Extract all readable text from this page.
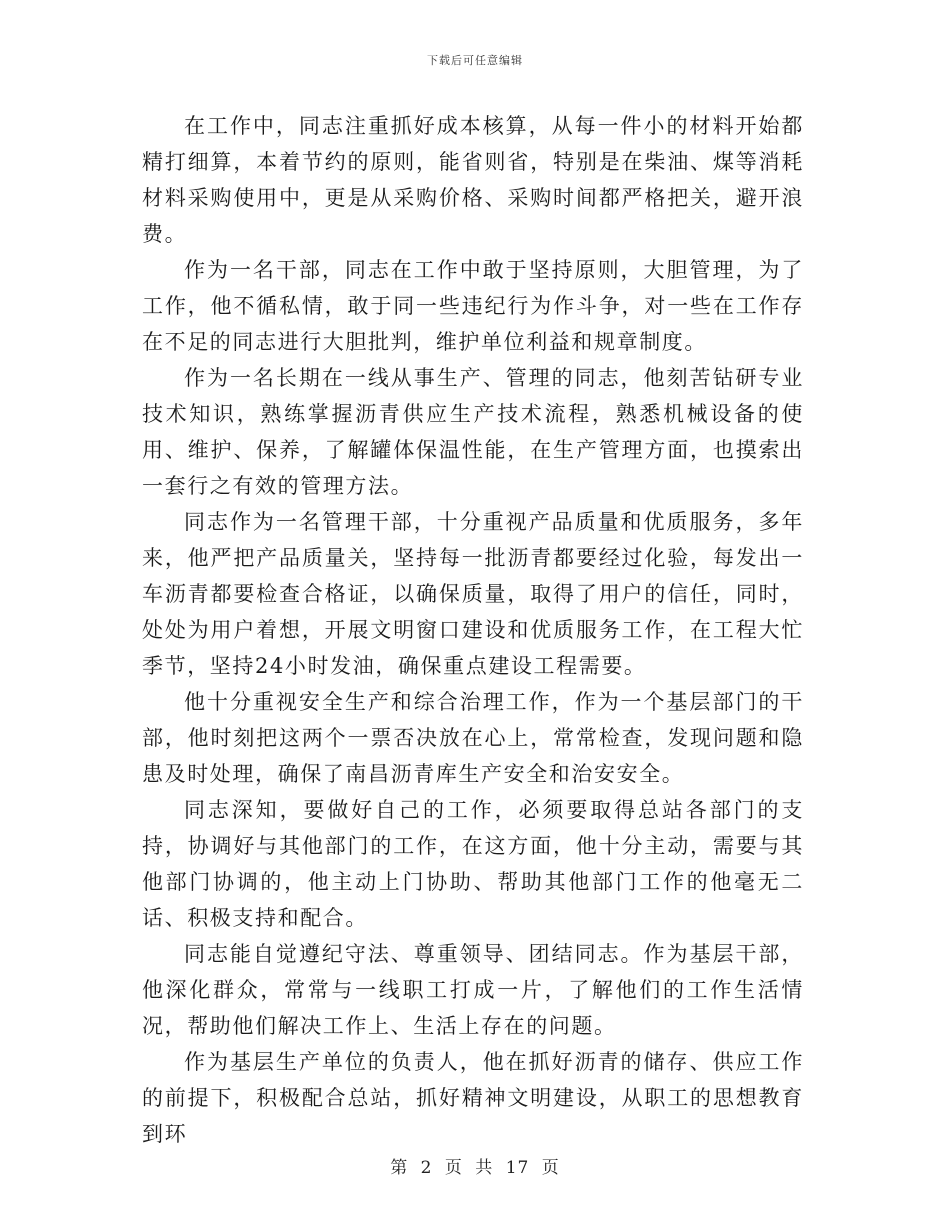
下载后可任意编辑

在工作中，同志注重抓好成本核算，从每一件小的材料开始都精打细算，本着节约的原则，能省则省，特别是在柴油、煤等消耗材料采购使用中，更是从采购价格、采购时间都严格把关，避开浪费。

作为一名干部，同志在工作中敢于坚持原则，大胆管理，为了工作，他不循私情，敢于同一些违纪行为作斗争，对一些在工作存在不足的同志进行大胆批判，维护单位利益和规章制度。

作为一名长期在一线从事生产、管理的同志，他刻苦钻研专业技术知识，熟练掌握沥青供应生产技术流程，熟悉机械设备的使用、维护、保养，了解罐体保温性能，在生产管理方面，也摸索出一套行之有效的管理方法。

同志作为一名管理干部，十分重视产品质量和优质服务，多年来，他严把产品质量关，坚持每一批沥青都要经过化验，每发出一车沥青都要检查合格证，以确保质量，取得了用户的信任，同时，处处为用户着想，开展文明窗口建设和优质服务工作，在工程大忙季节，坚持24小时发油，确保重点建设工程需要。

他十分重视安全生产和综合治理工作，作为一个基层部门的干部，他时刻把这两个一票否决放在心上，常常检查，发现问题和隐患及时处理，确保了南昌沥青库生产安全和治安安全。

同志深知，要做好自己的工作，必须要取得总站各部门的支持，协调好与其他部门的工作，在这方面，他十分主动，需要与其他部门协调的，他主动上门协助、帮助其他部门工作的他毫无二话、积极支持和配合。

同志能自觉遵纪守法、尊重领导、团结同志。作为基层干部，他深化群众，常常与一线职工打成一片，了解他们的工作生活情况，帮助他们解决工作上、生活上存在的问题。

作为基层生产单位的负责人，他在抓好沥青的储存、供应工作的前提下，积极配合总站，抓好精神文明建设，从职工的思想教育到环

第 2 页 共 17 页
